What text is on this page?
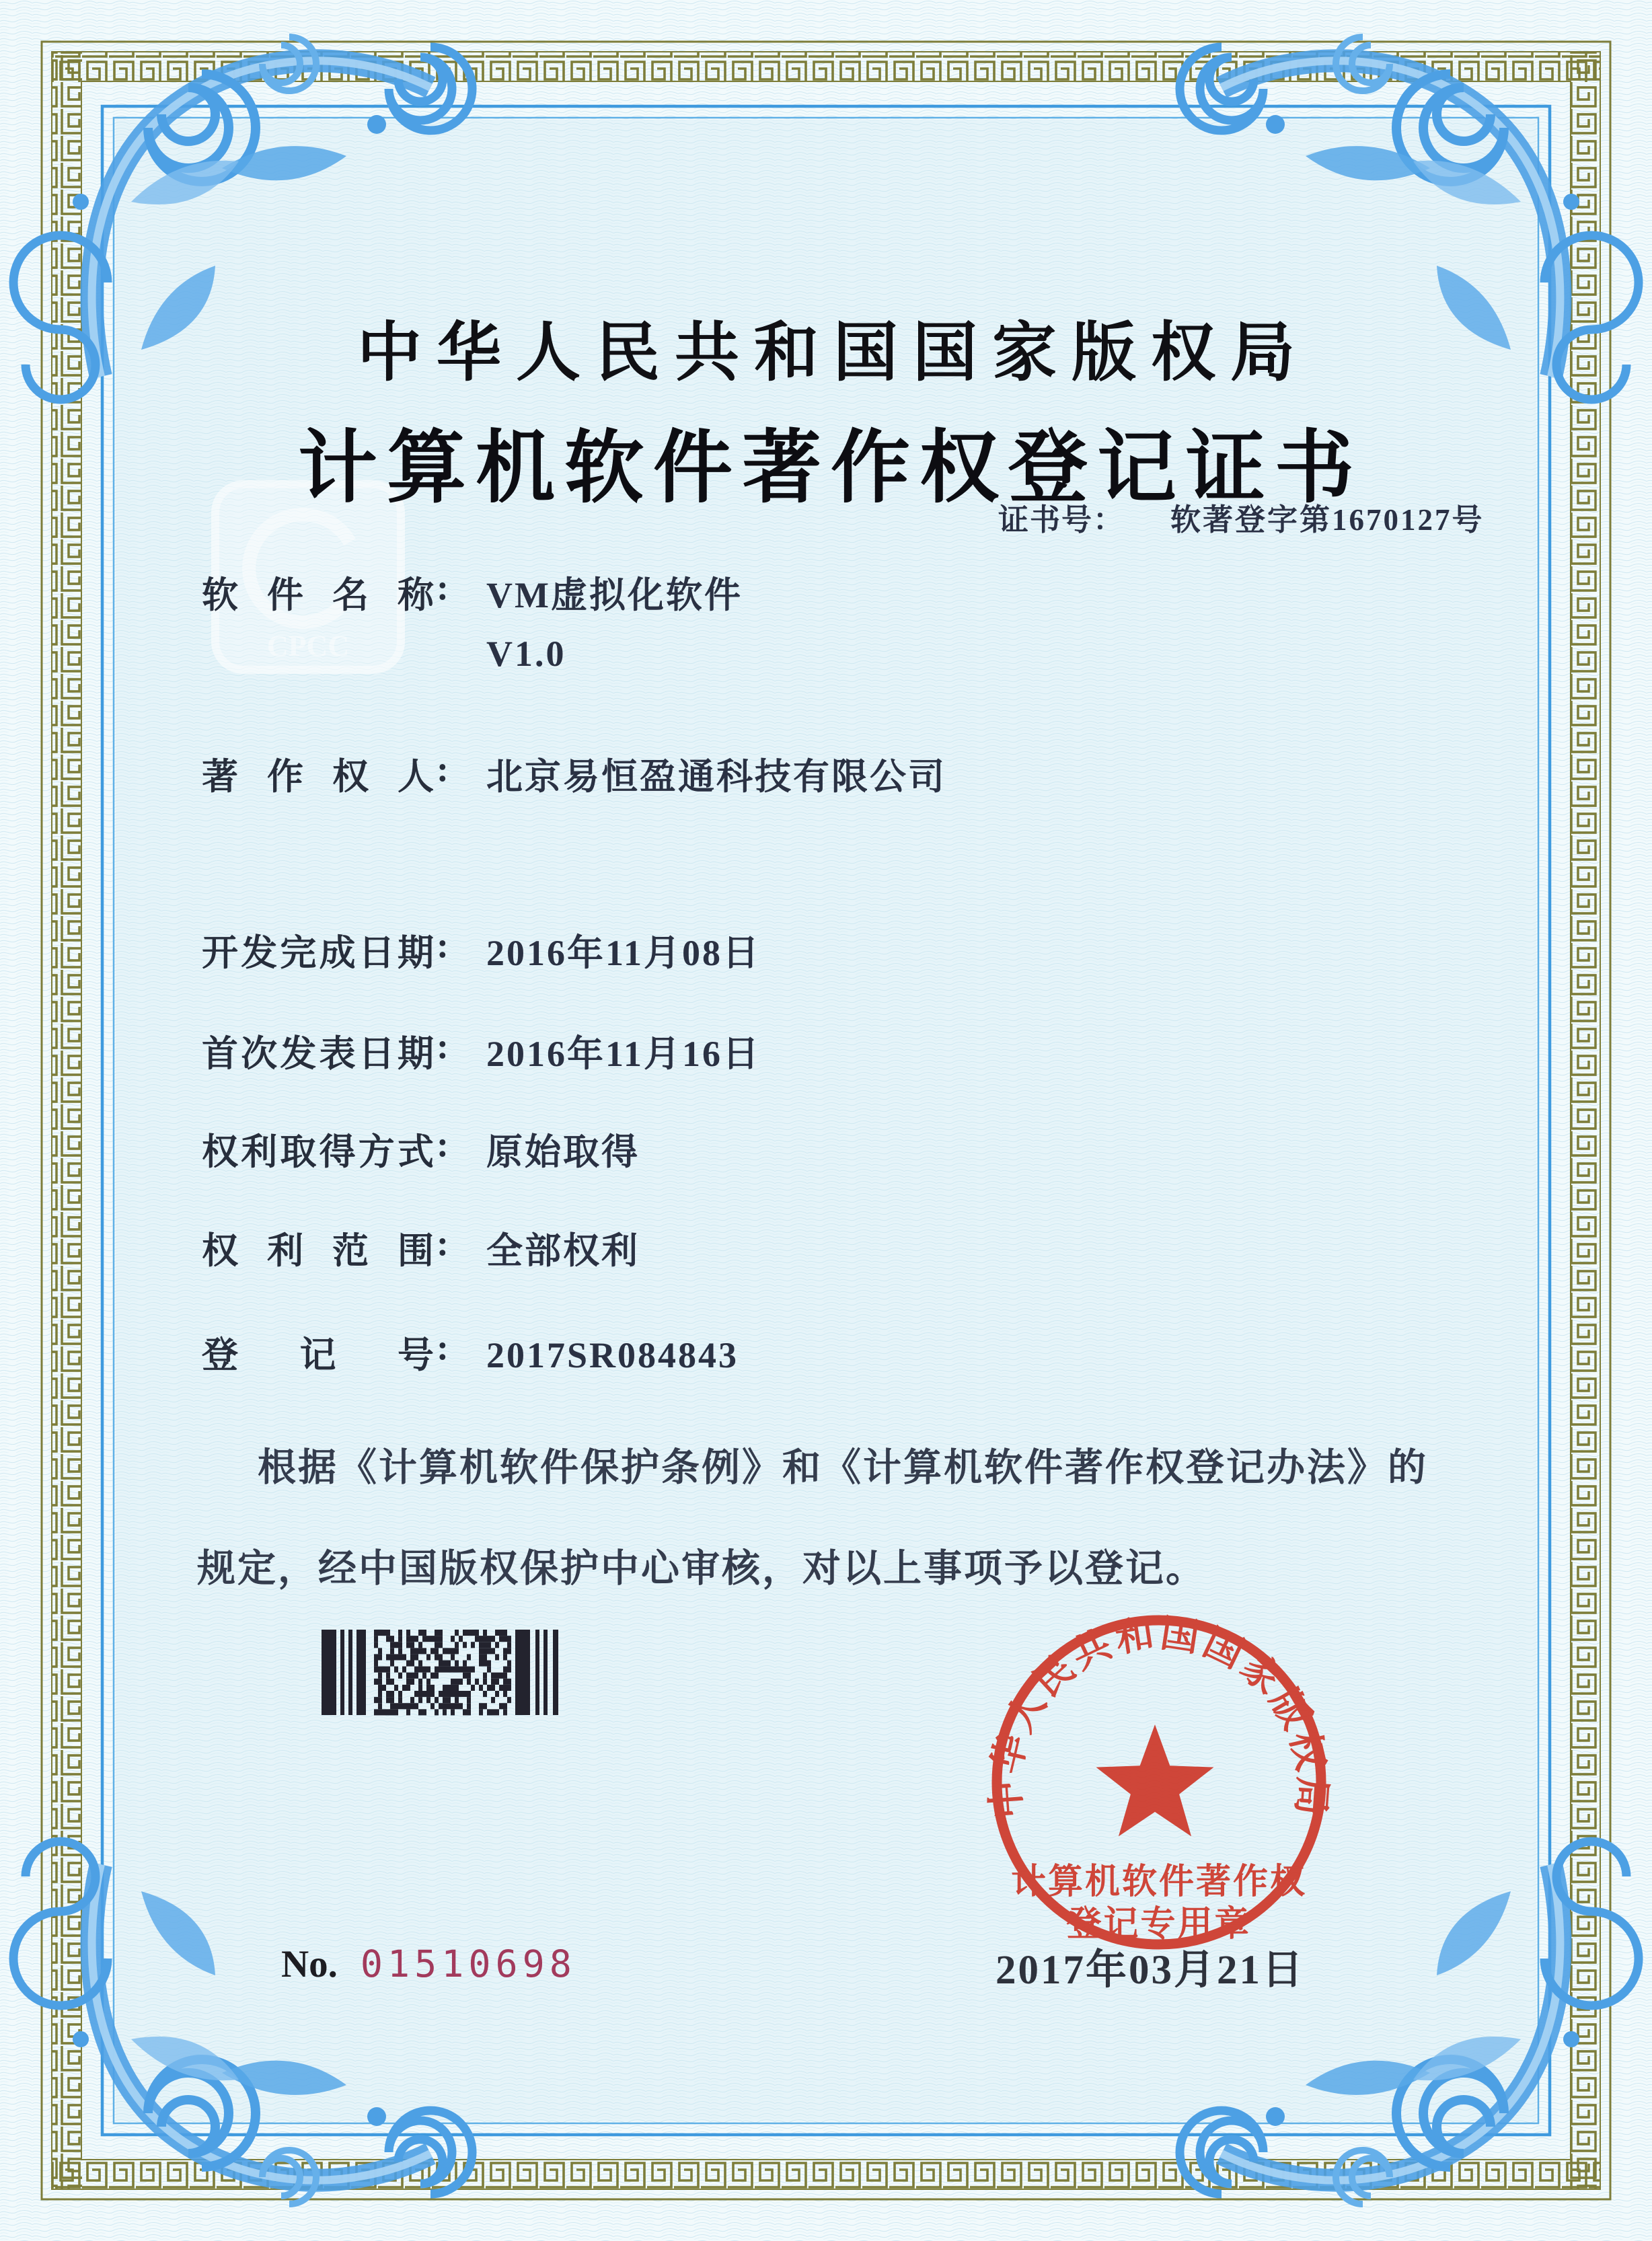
CPCC
中华人民共和国国家版权局
计算机软件著作权
登记专用章
中华人民共和国国家版权局
计算机软件著作权登记证书
证书号： 软著登字第1670127号
软件名称 : VM虚拟化软件
V1.0
著作权人 : 北京易恒盈通科技有限公司
开发完成日期 : 2016年11月08日
首次发表日期 : 2016年11月16日
权利取得方式 : 原始取得
权利范围 : 全部权利
登记号 : 2017SR084843
根据《计算机软件保护条例》和《计算机软件著作权登记办法》的
规定，经中国版权保护中心审核，对以上事项予以登记。
2017年03月21日
No. 01510698
